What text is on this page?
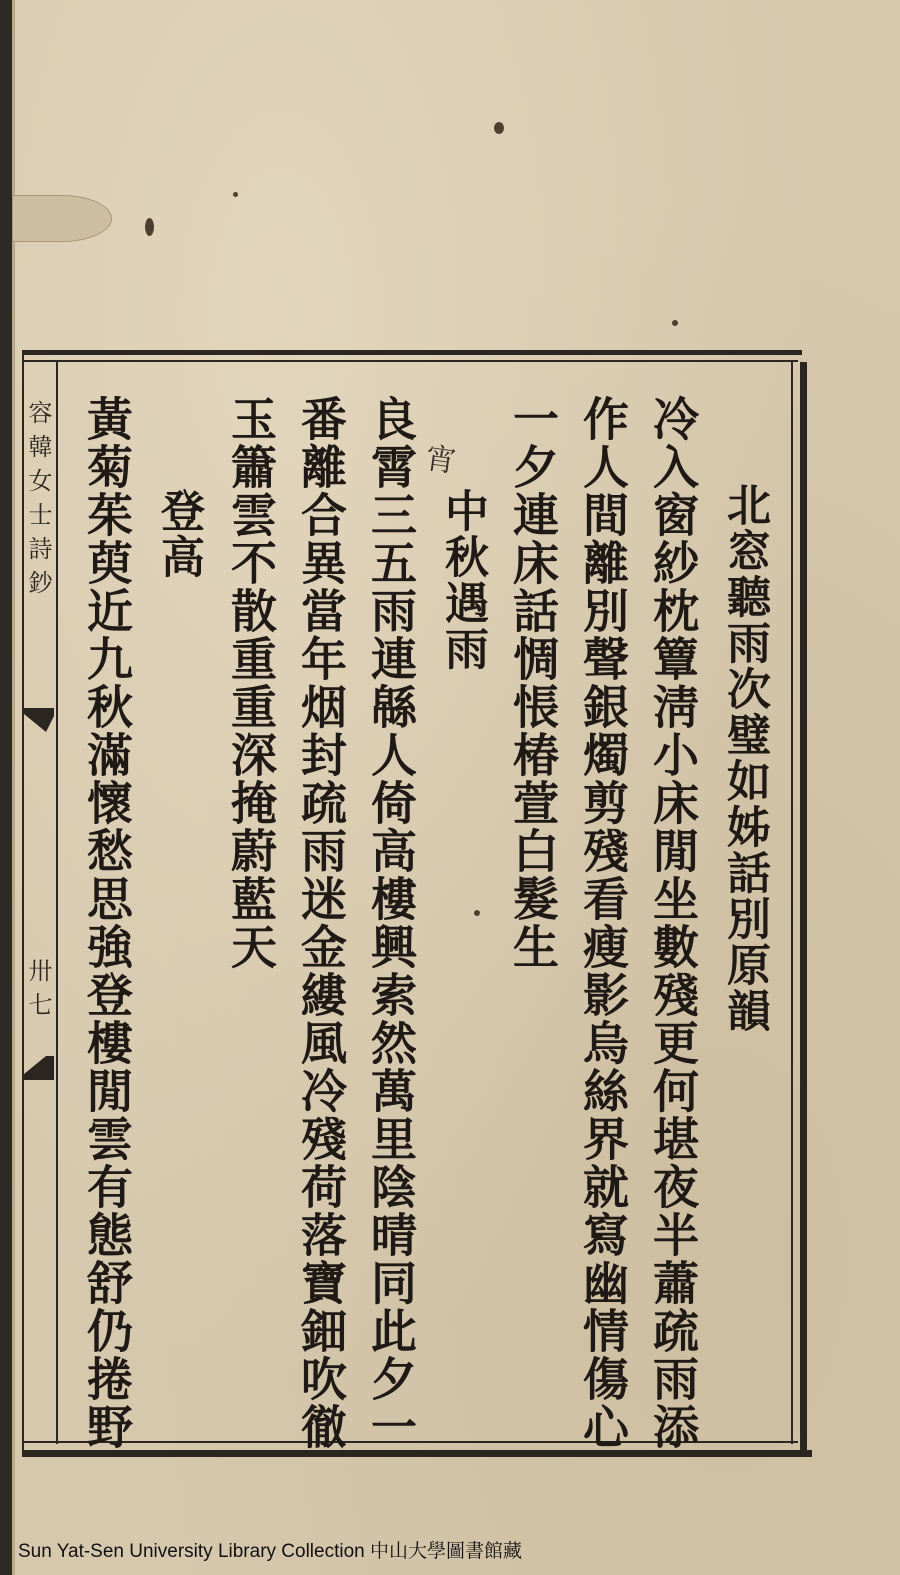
容韓女士詩鈔
卅七	北窓聽雨次璧如姊話別原韻
冷入窗紗枕簟淸小床閒坐數殘更何堪夜半蕭疏雨添
作人間離別聲銀燭剪殘看瘦影烏絲界就寫幽情傷心
一夕連床話惆悵椿萱白髮生
宵
中秋遇雨
良霄三五雨連緜人倚高樓興索然萬里陰晴同此夕一
番離合異當年烟封疏雨迷金縷風冷殘荷落寶鈿吹徹
玉簫雲不散重重深掩蔚藍天
登高
黃菊茱萸近九秋滿懷愁思強登樓閒雲有態舒仍捲野
Sun Yat-Sen University Library Collection 中山大學圖書館藏
